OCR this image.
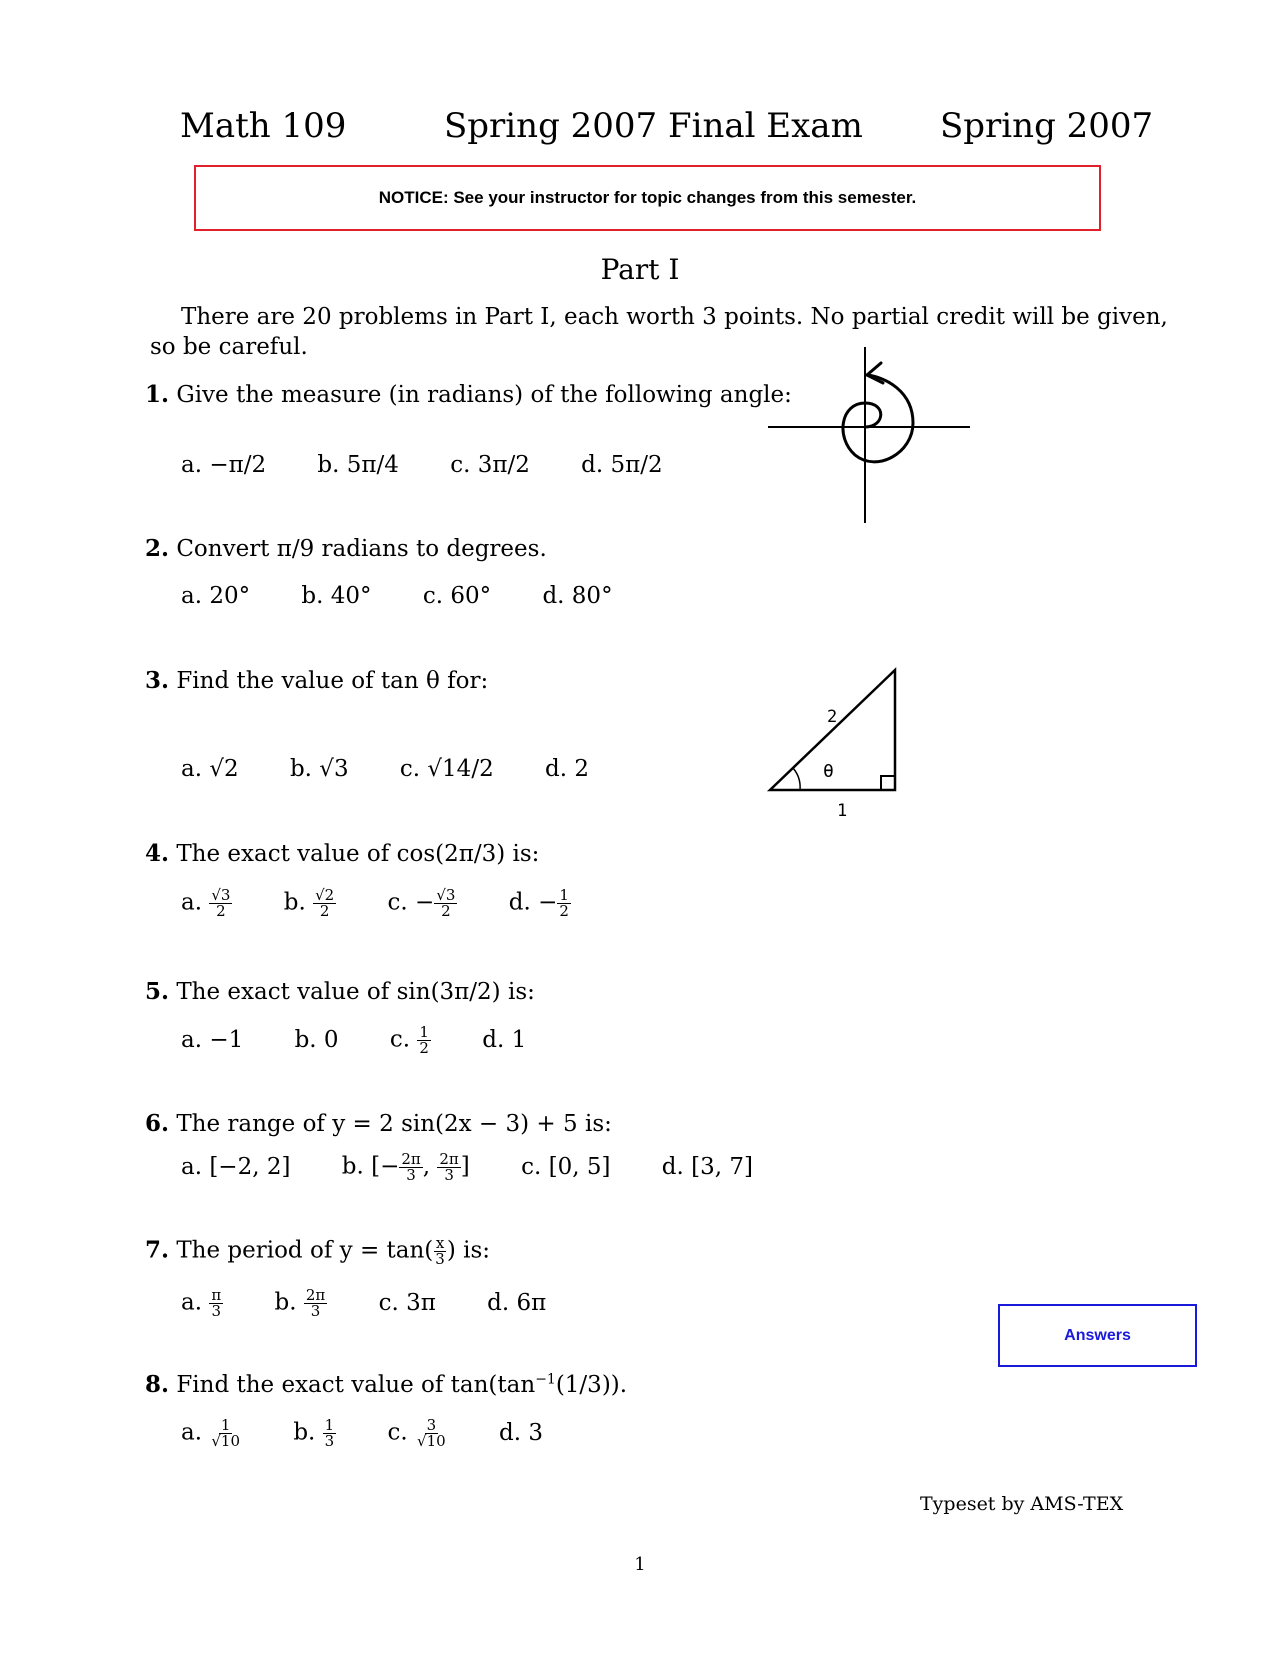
Math 109	Spring 2007 Final Exam Spring 2007
NOTICE: See your instructor for topic changes from this semester.
Part I
There are 20 problems in Part I, each worth 3 points. No partial credit will be given,
so be careful.
1. Give the measure (in radians) of the following angle:
a. −π/2 b. 5π/4 c. 3π/2 d. 5π/2
2. Convert π/9 radians to degrees.
a. 20° b. 40° c. 60° d. 80°
3. Find the value of tan θ for:
a. √2 b. √3 c. √14/2 d. 2	θ
2
1
4. The exact value of cos(2π/3) is:
a. $\frac{√3}{2} b$. $\frac{√2}{2} c$. − $\frac{√3}{2} d$. − $\frac{1}{2}$
5. The exact value of sin(3π/2) is:
a. −1 b. 0 c. $\frac{1}{2} d$. 1
6. The range of y = 2 sin(2x − 3) + 5 is:
a. [−2, 2] b. [− $\frac{2\pi}{3}$ , $\frac{2\pi}{3}$ ] c. [0, 5] d. [3, 7]
7. The period of $y = \tan( \frac{x}{3}$ ) is:
a. $\frac{\pi}{3} b$. $\frac{2\pi}{3} c$. 3π d. 6π
Answers
8. Find the exact value of $\tan(\tan^{-1}(1/3))$.
a. $\frac{1}{√10} b$. $\frac{1}{3} c$. $\frac{3}{√10} d$. 3
Typeset by AMS-TEX
1
